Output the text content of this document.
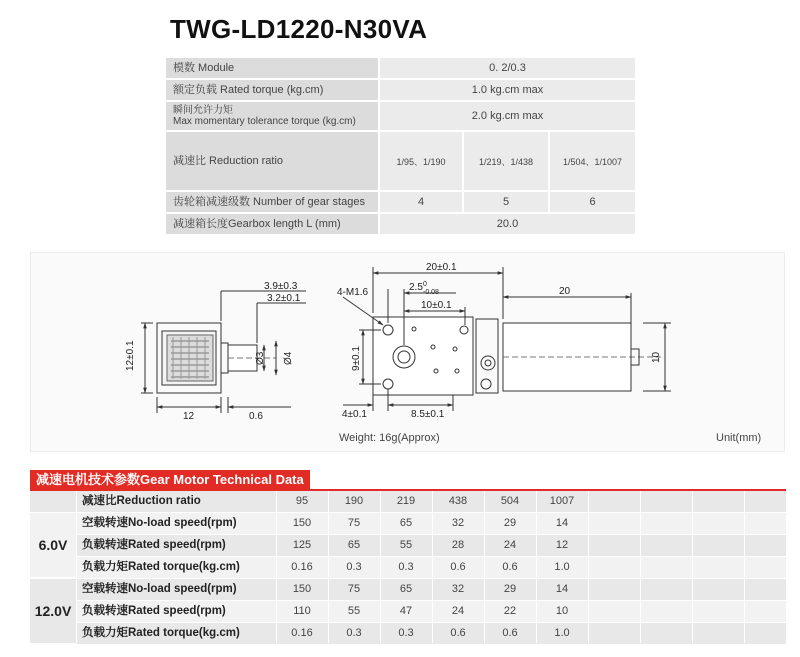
TWG-LD1220-N30VA
模数 Module	0. 2/0.3
额定负载 Rated torque (kg.cm)	1.0 kg.cm max
瞬间允许力矩
Max momentary tolerance torque (kg.cm)	2.0 kg.cm max
减速比 Reduction ratio	1/95、1/190	1/219、1/438	1/504、1/1007
齿轮箱减速级数 Number of gear stages	4	5	6
减速箱长度Gearbox length L (mm)	20.0
3.9±0.3
3.2±0.1
12±0.1	Ø3 Ø4
12	0.6
20±0.1
2.5 0
-0.08
4-M1.6
10±0.1
20
9±0.1	10
4±0.1	8.5±0.1
Weight: 16g(Approx)	Unit(mm)
减速电机技术参数Gear Motor Technical Data
减速比Reduction ratio	95	190	219	438	504	1007
6.0V
空载转速No-load speed(rpm)	150	75	65	32	29	14
负载转速Rated speed(rpm)	125	65	55	28	24	12
负载力矩Rated torque(kg.cm)	0.16	0.3	0.3	0.6	0.6	1.0
12.0V
空载转速No-load speed(rpm)	150	75	65	32	29	14
负载转速Rated speed(rpm)	110	55	47	24	22	10
负载力矩Rated torque(kg.cm)	0.16	0.3	0.3	0.6	0.6	1.0
